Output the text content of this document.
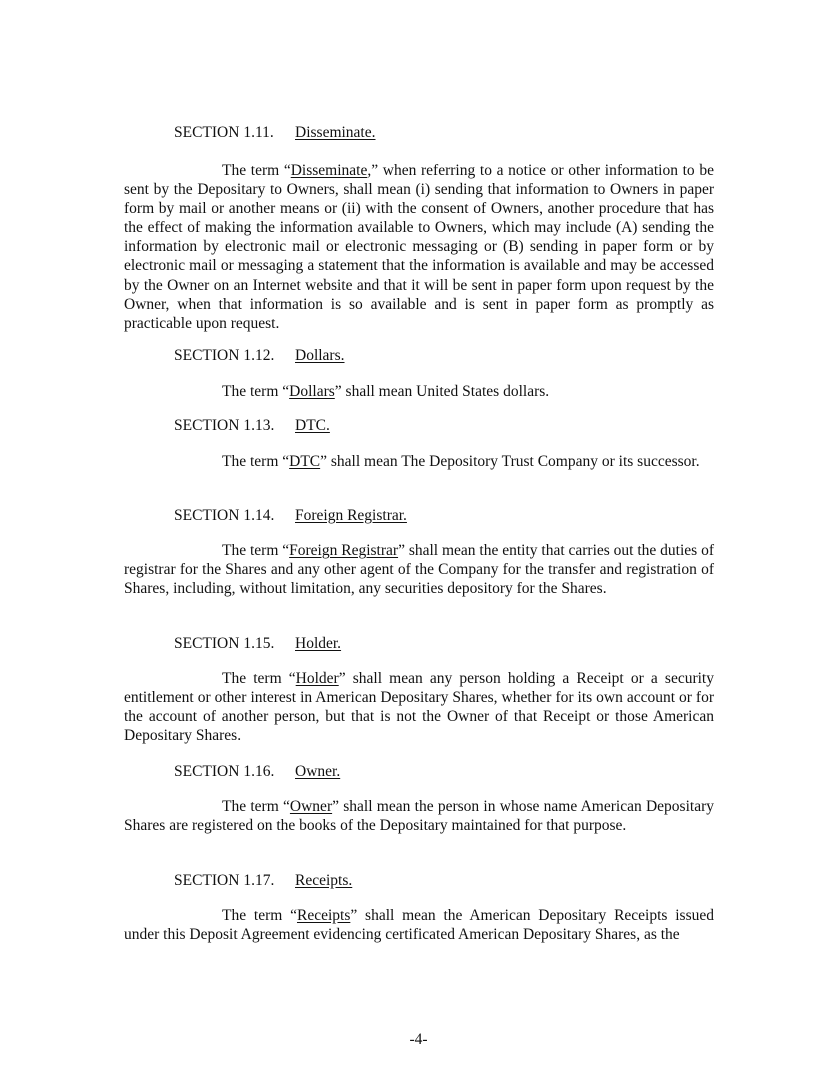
SECTION 1.11. Disseminate.

The term “Disseminate,” when referring to a notice or other information to be sent by the Depositary to Owners, shall mean (i) sending that information to Owners in paper form by mail or another means or (ii) with the consent of Owners, another procedure that has the effect of making the information available to Owners, which may include (A) sending the information by electronic mail or electronic messaging or (B) sending in paper form or by electronic mail or messaging a statement that the information is available and may be accessed by the Owner on an Internet website and that it will be sent in paper form upon request by the Owner, when that information is so available and is sent in paper form as promptly as practicable upon request.

SECTION 1.12. Dollars.

The term “Dollars” shall mean United States dollars.

SECTION 1.13. DTC.

The term “DTC” shall mean The Depository Trust Company or its successor.

SECTION 1.14. Foreign Registrar.

The term “Foreign Registrar” shall mean the entity that carries out the duties of registrar for the Shares and any other agent of the Company for the transfer and registration of Shares, including, without limitation, any securities depository for the Shares.

SECTION 1.15. Holder.

The term “Holder” shall mean any person holding a Receipt or a security entitlement or other interest in American Depositary Shares, whether for its own account or for the account of another person, but that is not the Owner of that Receipt or those American Depositary Shares.

SECTION 1.16. Owner.

The term “Owner” shall mean the person in whose name American Depositary Shares are registered on the books of the Depositary maintained for that purpose.

SECTION 1.17. Receipts.

The term “Receipts” shall mean the American Depositary Receipts issued under this Deposit Agreement evidencing certificated American Depositary Shares, as the

-4-
